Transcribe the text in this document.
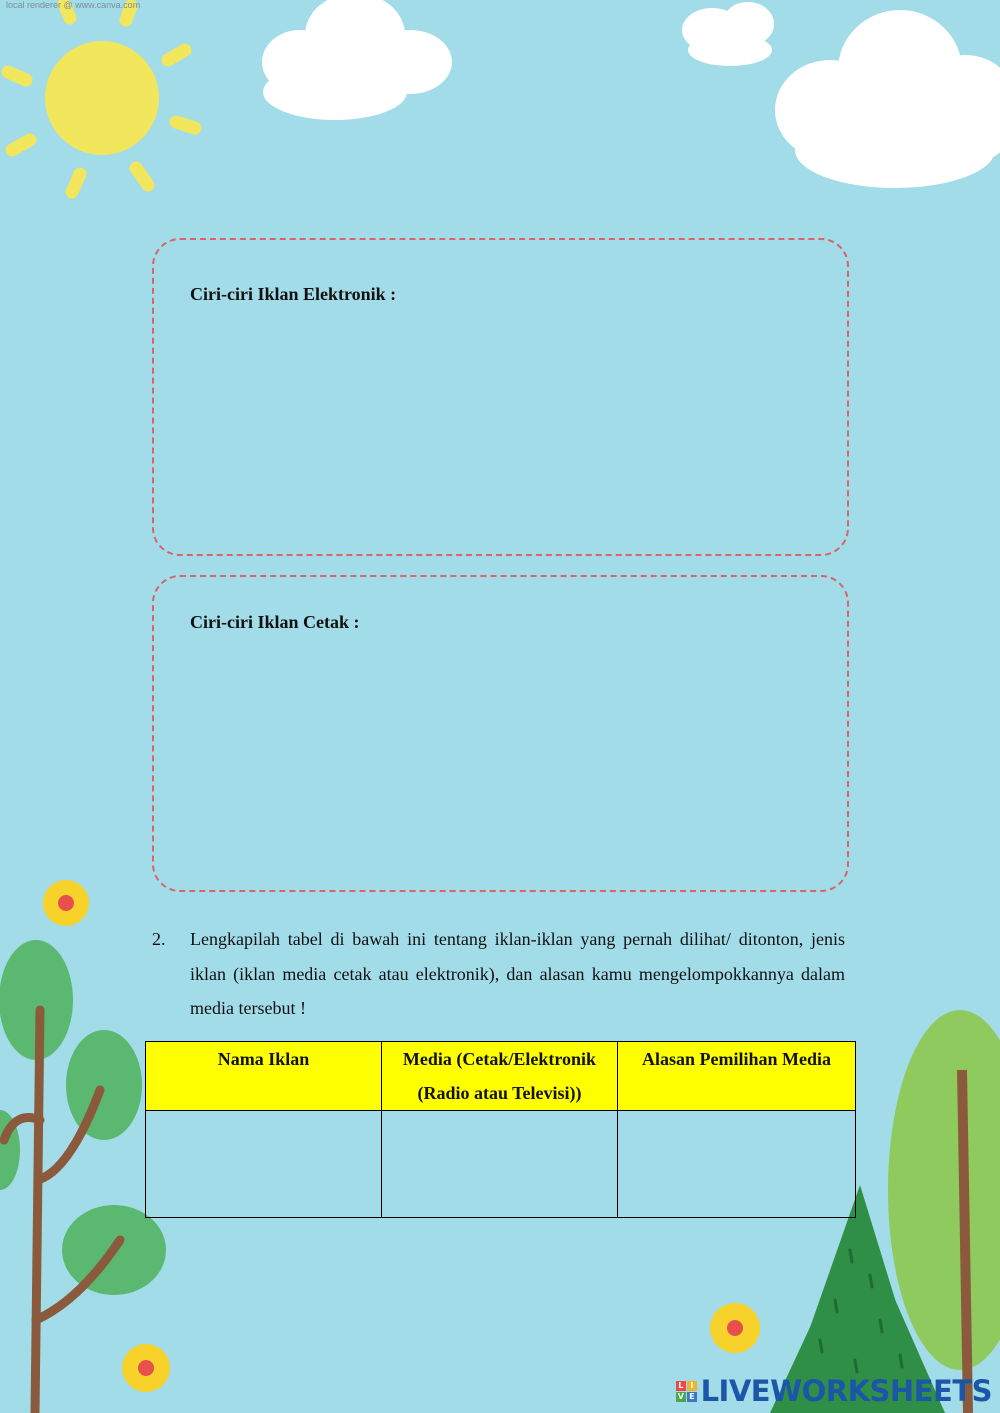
local renderer @ www.canva.com
Ciri-ciri Iklan Elektronik :
Ciri-ciri Iklan Cetak :
2. Lengkapilah tabel di bawah ini tentang iklan-iklan yang pernah dilihat/ ditonton, jenis iklan (iklan media cetak atau elektronik), dan alasan kamu mengelompokkannya dalam media tersebut !
Nama Iklan	Media (Cetak/Elektronik (Radio atau Televisi))	Alasan Pemilihan Media

L I
V E LIVEWORKSHEETS
